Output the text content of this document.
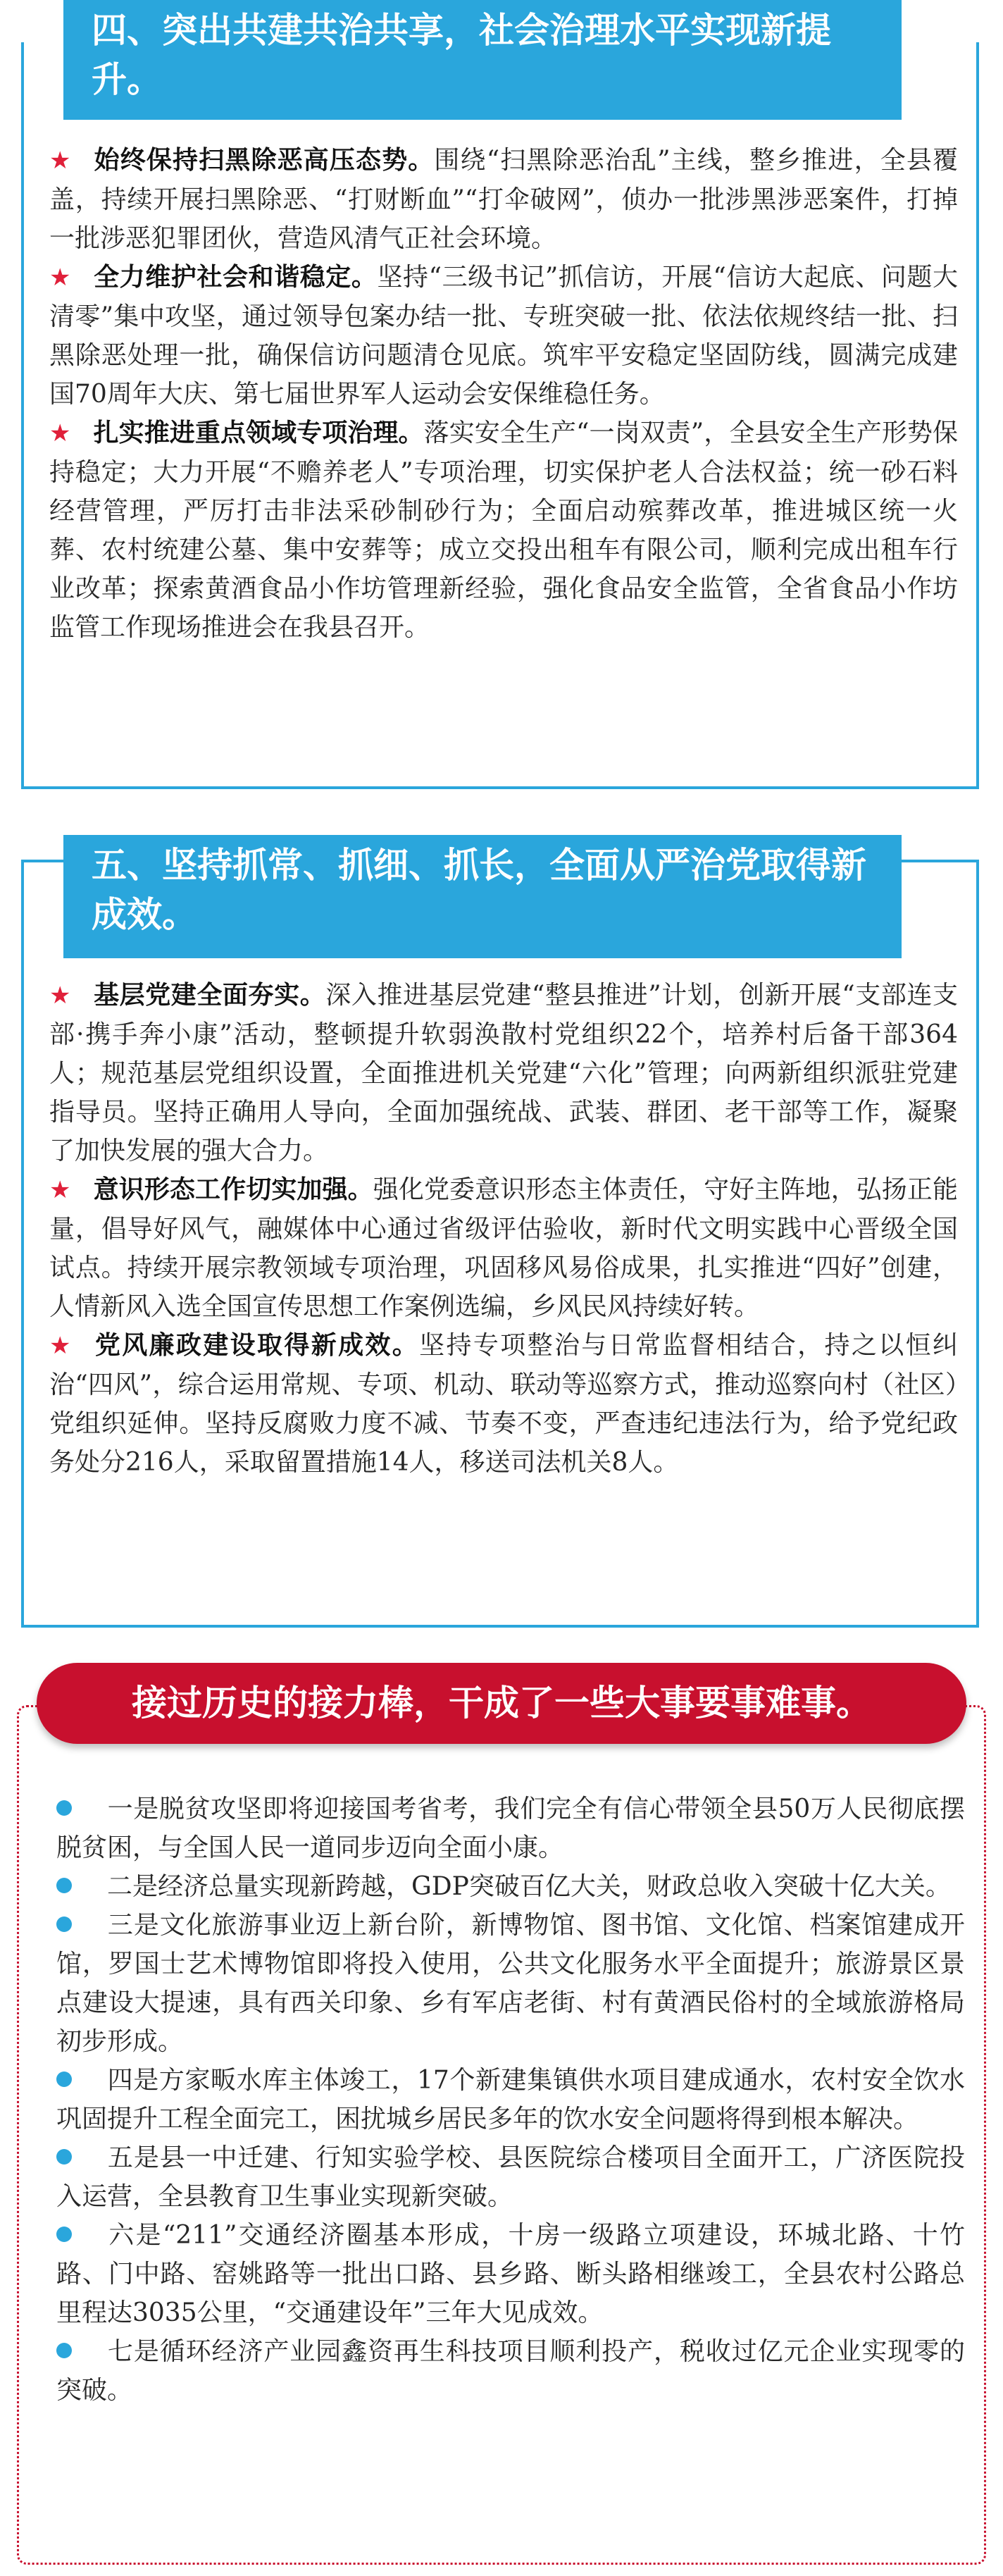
四、突出共建共治共享，社会治理水平实现新提升。

★ 始终保持扫黑除恶高压态势。围绕“扫黑除恶治乱”主线，整乡推进，全县覆盖，持续开展扫黑除恶、“打财断血”“打伞破网”，侦办一批涉黑涉恶案件，打掉一批涉恶犯罪团伙，营造风清气正社会环境。

★ 全力维护社会和谐稳定。坚持“三级书记”抓信访，开展“信访大起底、问题大清零”集中攻坚，通过领导包案办结一批、专班突破一批、依法依规终结一批、扫黑除恶处理一批，确保信访问题清仓见底。筑牢平安稳定坚固防线，圆满完成建国70周年大庆、第七届世界军人运动会安保维稳任务。

★ 扎实推进重点领域专项治理。落实安全生产“一岗双责”，全县安全生产形势保持稳定；大力开展“不赡养老人”专项治理，切实保护老人合法权益；统一砂石料经营管理，严厉打击非法采砂制砂行为；全面启动殡葬改革，推进城区统一火葬、农村统建公墓、集中安葬等；成立交投出租车有限公司，顺利完成出租车行业改革；探索黄酒食品小作坊管理新经验，强化食品安全监管，全省食品小作坊监管工作现场推进会在我县召开。

五、坚持抓常、抓细、抓长，全面从严治党取得新成效。

★ 基层党建全面夯实。深入推进基层党建“整县推进”计划，创新开展“支部连支部·携手奔小康”活动，整顿提升软弱涣散村党组织22个，培养村后备干部364人；规范基层党组织设置，全面推进机关党建“六化”管理；向两新组织派驻党建指导员。坚持正确用人导向，全面加强统战、武装、群团、老干部等工作，凝聚了加快发展的强大合力。

★ 意识形态工作切实加强。强化党委意识形态主体责任，守好主阵地，弘扬正能量，倡导好风气，融媒体中心通过省级评估验收，新时代文明实践中心晋级全国试点。持续开展宗教领域专项治理，巩固移风易俗成果，扎实推进“四好”创建，人情新风入选全国宣传思想工作案例选编，乡风民风持续好转。

★ 党风廉政建设取得新成效。坚持专项整治与日常监督相结合，持之以恒纠治“四风”，综合运用常规、专项、机动、联动等巡察方式，推动巡察向村（社区）党组织延伸。坚持反腐败力度不减、节奏不变，严查违纪违法行为，给予党纪政务处分216人，采取留置措施14人，移送司法机关8人。

接过历史的接力棒，干成了一些大事要事难事。

一是脱贫攻坚即将迎接国考省考，我们完全有信心带领全县50万人民彻底摆脱贫困，与全国人民一道同步迈向全面小康。

二是经济总量实现新跨越，GDP突破百亿大关，财政总收入突破十亿大关。

三是文化旅游事业迈上新台阶，新博物馆、图书馆、文化馆、档案馆建成开馆，罗国士艺术博物馆即将投入使用，公共文化服务水平全面提升；旅游景区景点建设大提速，具有西关印象、乡有军店老街、村有黄酒民俗村的全域旅游格局初步形成。

四是方家畈水库主体竣工，17个新建集镇供水项目建成通水，农村安全饮水巩固提升工程全面完工，困扰城乡居民多年的饮水安全问题将得到根本解决。

五是县一中迁建、行知实验学校、县医院综合楼项目全面开工，广济医院投入运营，全县教育卫生事业实现新突破。

六是“211”交通经济圈基本形成，十房一级路立项建设，环城北路、十竹路、门中路、窑姚路等一批出口路、县乡路、断头路相继竣工，全县农村公路总里程达3035公里，“交通建设年”三年大见成效。

七是循环经济产业园鑫资再生科技项目顺利投产，税收过亿元企业实现零的突破。
